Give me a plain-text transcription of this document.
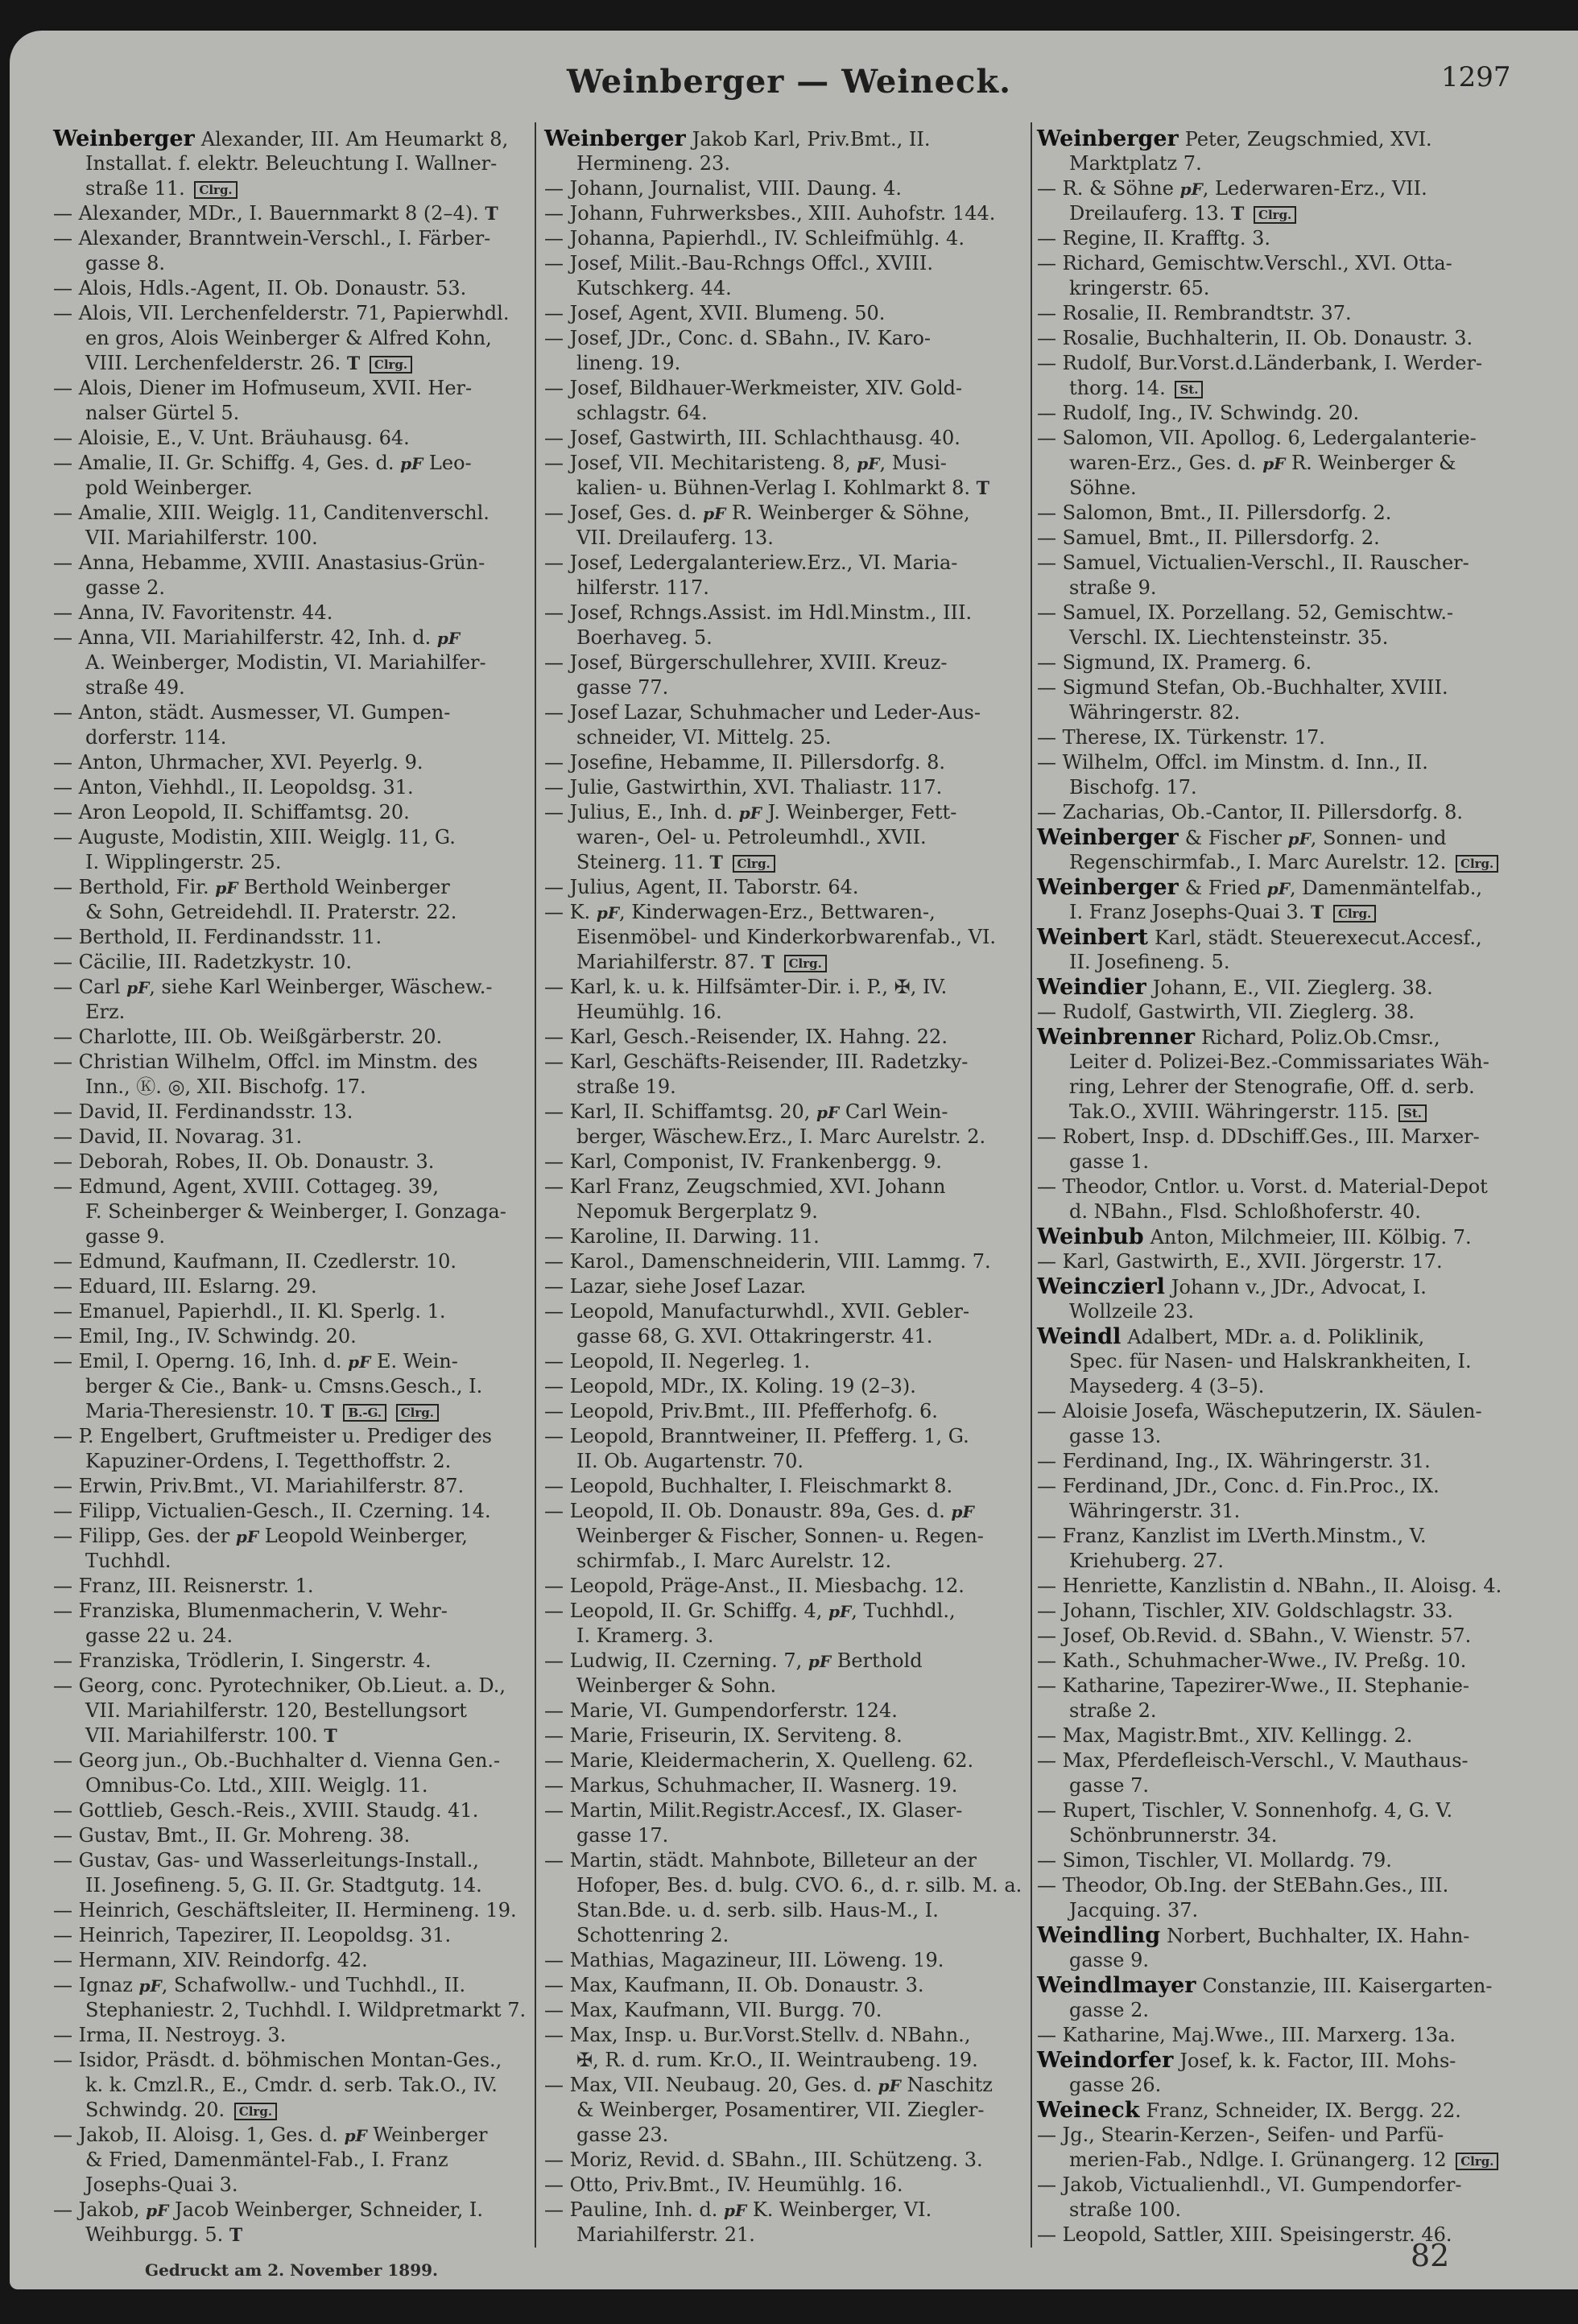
Weinberger — Weineck.	1297
Weinberger Alexander, III. Am Heumarkt 8,
Installat. f. elektr. Beleuchtung I. Wallner-
straße 11. Clrg.
— Alexander, MDr., I. Bauernmarkt 8 (2–4). T
— Alexander, Branntwein-Verschl., I. Färber-
gasse 8.
— Alois, Hdls.-Agent, II. Ob. Donaustr. 53.
— Alois, VII. Lerchenfelderstr. 71, Papierwhdl.
en gros, Alois Weinberger & Alfred Kohn,
VIII. Lerchenfelderstr. 26. T Clrg.
— Alois, Diener im Hofmuseum, XVII. Her-
nalser Gürtel 5.
— Aloisie, E., V. Unt. Bräuhausg. 64.
— Amalie, II. Gr. Schiffg. 4, Ges. d. pF Leo-
pold Weinberger.
— Amalie, XIII. Weiglg. 11, Canditenverschl.
VII. Mariahilferstr. 100.
— Anna, Hebamme, XVIII. Anastasius-Grün-
gasse 2.
— Anna, IV. Favoritenstr. 44.
— Anna, VII. Mariahilferstr. 42, Inh. d. pF
A. Weinberger, Modistin, VI. Mariahilfer-
straße 49.
— Anton, städt. Ausmesser, VI. Gumpen-
dorferstr. 114.
— Anton, Uhrmacher, XVI. Peyerlg. 9.
— Anton, Viehhdl., II. Leopoldsg. 31.
— Aron Leopold, II. Schiffamtsg. 20.
— Auguste, Modistin, XIII. Weiglg. 11, G.
I. Wipplingerstr. 25.
— Berthold, Fir. pF Berthold Weinberger
& Sohn, Getreidehdl. II. Praterstr. 22.
— Berthold, II. Ferdinandsstr. 11.
— Cäcilie, III. Radetzkystr. 10.
— Carl pF, siehe Karl Weinberger, Wäschew.-
Erz.
— Charlotte, III. Ob. Weißgärberstr. 20.
— Christian Wilhelm, Offcl. im Minstm. des
Inn., Ⓚ. ◎, XII. Bischofg. 17.
— David, II. Ferdinandsstr. 13.
— David, II. Novarag. 31.
— Deborah, Robes, II. Ob. Donaustr. 3.
— Edmund, Agent, XVIII. Cottageg. 39,
F. Scheinberger & Weinberger, I. Gonzaga-
gasse 9.
— Edmund, Kaufmann, II. Czedlerstr. 10.
— Eduard, III. Eslarng. 29.
— Emanuel, Papierhdl., II. Kl. Sperlg. 1.
— Emil, Ing., IV. Schwindg. 20.
— Emil, I. Operng. 16, Inh. d. pF E. Wein-
berger & Cie., Bank- u. Cmsns.Gesch., I.
Maria-Theresienstr. 10. T B.-G. Clrg.
— P. Engelbert, Gruftmeister u. Prediger des
Kapuziner-Ordens, I. Tegetthoffstr. 2.
— Erwin, Priv.Bmt., VI. Mariahilferstr. 87.
— Filipp, Victualien-Gesch., II. Czerning. 14.
— Filipp, Ges. der pF Leopold Weinberger,
Tuchhdl.
— Franz, III. Reisnerstr. 1.
— Franziska, Blumenmacherin, V. Wehr-
gasse 22 u. 24.
— Franziska, Trödlerin, I. Singerstr. 4.
— Georg, conc. Pyrotechniker, Ob.Lieut. a. D.,
VII. Mariahilferstr. 120, Bestellungsort
VII. Mariahilferstr. 100. T
— Georg jun., Ob.-Buchhalter d. Vienna Gen.-
Omnibus-Co. Ltd., XIII. Weiglg. 11.
— Gottlieb, Gesch.-Reis., XVIII. Staudg. 41.
— Gustav, Bmt., II. Gr. Mohreng. 38.
— Gustav, Gas- und Wasserleitungs-Install.,
II. Josefineng. 5, G. II. Gr. Stadtgutg. 14.
— Heinrich, Geschäftsleiter, II. Hermineng. 19.
— Heinrich, Tapezirer, II. Leopoldsg. 31.
— Hermann, XIV. Reindorfg. 42.
— Ignaz pF, Schafwollw.- und Tuchhdl., II.
Stephaniestr. 2, Tuchhdl. I. Wildpretmarkt 7.
— Irma, II. Nestroyg. 3.
— Isidor, Präsdt. d. böhmischen Montan-Ges.,
k. k. Cmzl.R., E., Cmdr. d. serb. Tak.O., IV.
Schwindg. 20. Clrg.
— Jakob, II. Aloisg. 1, Ges. d. pF Weinberger
& Fried, Damenmäntel-Fab., I. Franz
Josephs-Quai 3.
— Jakob, pF Jacob Weinberger, Schneider, I.
Weihburgg. 5. T
Weinberger Jakob Karl, Priv.Bmt., II.
Hermineng. 23.
— Johann, Journalist, VIII. Daung. 4.
— Johann, Fuhrwerksbes., XIII. Auhofstr. 144.
— Johanna, Papierhdl., IV. Schleifmühlg. 4.
— Josef, Milit.-Bau-Rchngs Offcl., XVIII.
Kutschkerg. 44.
— Josef, Agent, XVII. Blumeng. 50.
— Josef, JDr., Conc. d. SBahn., IV. Karo-
lineng. 19.
— Josef, Bildhauer-Werkmeister, XIV. Gold-
schlagstr. 64.
— Josef, Gastwirth, III. Schlachthausg. 40.
— Josef, VII. Mechitaristeng. 8, pF, Musi-
kalien- u. Bühnen-Verlag I. Kohlmarkt 8. T
— Josef, Ges. d. pF R. Weinberger & Söhne,
VII. Dreilauferg. 13.
— Josef, Ledergalanteriew.Erz., VI. Maria-
hilferstr. 117.
— Josef, Rchngs.Assist. im Hdl.Minstm., III.
Boerhaveg. 5.
— Josef, Bürgerschullehrer, XVIII. Kreuz-
gasse 77.
— Josef Lazar, Schuhmacher und Leder-Aus-
schneider, VI. Mittelg. 25.
— Josefine, Hebamme, II. Pillersdorfg. 8.
— Julie, Gastwirthin, XVI. Thaliastr. 117.
— Julius, E., Inh. d. pF J. Weinberger, Fett-
waren-, Oel- u. Petroleumhdl., XVII.
Steinerg. 11. T Clrg.
— Julius, Agent, II. Taborstr. 64.
— K. pF, Kinderwagen-Erz., Bettwaren-,
Eisenmöbel- und Kinderkorbwarenfab., VI.
Mariahilferstr. 87. T Clrg.
— Karl, k. u. k. Hilfsämter-Dir. i. P., ✠, IV.
Heumühlg. 16.
— Karl, Gesch.-Reisender, IX. Hahng. 22.
— Karl, Geschäfts-Reisender, III. Radetzky-
straße 19.
— Karl, II. Schiffamtsg. 20, pF Carl Wein-
berger, Wäschew.Erz., I. Marc Aurelstr. 2.
— Karl, Componist, IV. Frankenbergg. 9.
— Karl Franz, Zeugschmied, XVI. Johann
Nepomuk Bergerplatz 9.
— Karoline, II. Darwing. 11.
— Karol., Damenschneiderin, VIII. Lammg. 7.
— Lazar, siehe Josef Lazar.
— Leopold, Manufacturwhdl., XVII. Gebler-
gasse 68, G. XVI. Ottakringerstr. 41.
— Leopold, II. Negerleg. 1.
— Leopold, MDr., IX. Koling. 19 (2–3).
— Leopold, Priv.Bmt., III. Pfefferhofg. 6.
— Leopold, Branntweiner, II. Pfefferg. 1, G.
II. Ob. Augartenstr. 70.
— Leopold, Buchhalter, I. Fleischmarkt 8.
— Leopold, II. Ob. Donaustr. 89a, Ges. d. pF
Weinberger & Fischer, Sonnen- u. Regen-
schirmfab., I. Marc Aurelstr. 12.
— Leopold, Präge-Anst., II. Miesbachg. 12.
— Leopold, II. Gr. Schiffg. 4, pF, Tuchhdl.,
I. Kramerg. 3.
— Ludwig, II. Czerning. 7, pF Berthold
Weinberger & Sohn.
— Marie, VI. Gumpendorferstr. 124.
— Marie, Friseurin, IX. Serviteng. 8.
— Marie, Kleidermacherin, X. Quelleng. 62.
— Markus, Schuhmacher, II. Wasnerg. 19.
— Martin, Milit.Registr.Accesf., IX. Glaser-
gasse 17.
— Martin, städt. Mahnbote, Billeteur an der
Hofoper, Bes. d. bulg. CVO. 6., d. r. silb. M. a.
Stan.Bde. u. d. serb. silb. Haus-M., I.
Schottenring 2.
— Mathias, Magazineur, III. Löweng. 19.
— Max, Kaufmann, II. Ob. Donaustr. 3.
— Max, Kaufmann, VII. Burgg. 70.
— Max, Insp. u. Bur.Vorst.Stellv. d. NBahn.,
✠, R. d. rum. Kr.O., II. Weintraubeng. 19.
— Max, VII. Neubaug. 20, Ges. d. pF Naschitz
& Weinberger, Posamentirer, VII. Ziegler-
gasse 23.
— Moriz, Revid. d. SBahn., III. Schützeng. 3.
— Otto, Priv.Bmt., IV. Heumühlg. 16.
— Pauline, Inh. d. pF K. Weinberger, VI.
Mariahilferstr. 21.
Weinberger Peter, Zeugschmied, XVI.
Marktplatz 7.
— R. & Söhne pF, Lederwaren-Erz., VII.
Dreilauferg. 13. T Clrg.
— Regine, II. Krafftg. 3.
— Richard, Gemischtw.Verschl., XVI. Otta-
kringerstr. 65.
— Rosalie, II. Rembrandtstr. 37.
— Rosalie, Buchhalterin, II. Ob. Donaustr. 3.
— Rudolf, Bur.Vorst.d.Länderbank, I. Werder-
thorg. 14. St.
— Rudolf, Ing., IV. Schwindg. 20.
— Salomon, VII. Apollog. 6, Ledergalanterie-
waren-Erz., Ges. d. pF R. Weinberger &
Söhne.
— Salomon, Bmt., II. Pillersdorfg. 2.
— Samuel, Bmt., II. Pillersdorfg. 2.
— Samuel, Victualien-Verschl., II. Rauscher-
straße 9.
— Samuel, IX. Porzellang. 52, Gemischtw.-
Verschl. IX. Liechtensteinstr. 35.
— Sigmund, IX. Pramerg. 6.
— Sigmund Stefan, Ob.-Buchhalter, XVIII.
Währingerstr. 82.
— Therese, IX. Türkenstr. 17.
— Wilhelm, Offcl. im Minstm. d. Inn., II.
Bischofg. 17.
— Zacharias, Ob.-Cantor, II. Pillersdorfg. 8.
Weinberger & Fischer pF, Sonnen- und
Regenschirmfab., I. Marc Aurelstr. 12. Clrg.
Weinberger & Fried pF, Damenmäntelfab.,
I. Franz Josephs-Quai 3. T Clrg.
Weinbert Karl, städt. Steuerexecut.Accesf.,
II. Josefineng. 5.
Weindier Johann, E., VII. Zieglerg. 38.
— Rudolf, Gastwirth, VII. Zieglerg. 38.
Weinbrenner Richard, Poliz.Ob.Cmsr.,
Leiter d. Polizei-Bez.-Commissariates Wäh-
ring, Lehrer der Stenografie, Off. d. serb.
Tak.O., XVIII. Währingerstr. 115. St.
— Robert, Insp. d. DDschiff.Ges., III. Marxer-
gasse 1.
— Theodor, Cntlor. u. Vorst. d. Material-Depot
d. NBahn., Flsd. Schloßhoferstr. 40.
Weinbub Anton, Milchmeier, III. Kölbig. 7.
— Karl, Gastwirth, E., XVII. Jörgerstr. 17.
Weinczierl Johann v., JDr., Advocat, I.
Wollzeile 23.
Weindl Adalbert, MDr. a. d. Poliklinik,
Spec. für Nasen- und Halskrankheiten, I.
Maysederg. 4 (3–5).
— Aloisie Josefa, Wäscheputzerin, IX. Säulen-
gasse 13.
— Ferdinand, Ing., IX. Währingerstr. 31.
— Ferdinand, JDr., Conc. d. Fin.Proc., IX.
Währingerstr. 31.
— Franz, Kanzlist im LVerth.Minstm., V.
Kriehuberg. 27.
— Henriette, Kanzlistin d. NBahn., II. Aloisg. 4.
— Johann, Tischler, XIV. Goldschlagstr. 33.
— Josef, Ob.Revid. d. SBahn., V. Wienstr. 57.
— Kath., Schuhmacher-Wwe., IV. Preßg. 10.
— Katharine, Tapezirer-Wwe., II. Stephanie-
straße 2.
— Max, Magistr.Bmt., XIV. Kellingg. 2.
— Max, Pferdefleisch-Verschl., V. Mauthaus-
gasse 7.
— Rupert, Tischler, V. Sonnenhofg. 4, G. V.
Schönbrunnerstr. 34.
— Simon, Tischler, VI. Mollardg. 79.
— Theodor, Ob.Ing. der StEBahn.Ges., III.
Jacquing. 37.
Weindling Norbert, Buchhalter, IX. Hahn-
gasse 9.
Weindlmayer Constanzie, III. Kaisergarten-
gasse 2.
— Katharine, Maj.Wwe., III. Marxerg. 13a.
Weindorfer Josef, k. k. Factor, III. Mohs-
gasse 26.
Weineck Franz, Schneider, IX. Bergg. 22.
— Jg., Stearin-Kerzen-, Seifen- und Parfü-
merien-Fab., Ndlge. I. Grünangerg. 12 Clrg.
— Jakob, Victualienhdl., VI. Gumpendorfer-
straße 100.
— Leopold, Sattler, XIII. Speisingerstr. 46.
Gedruckt am 2. November 1899.	82
